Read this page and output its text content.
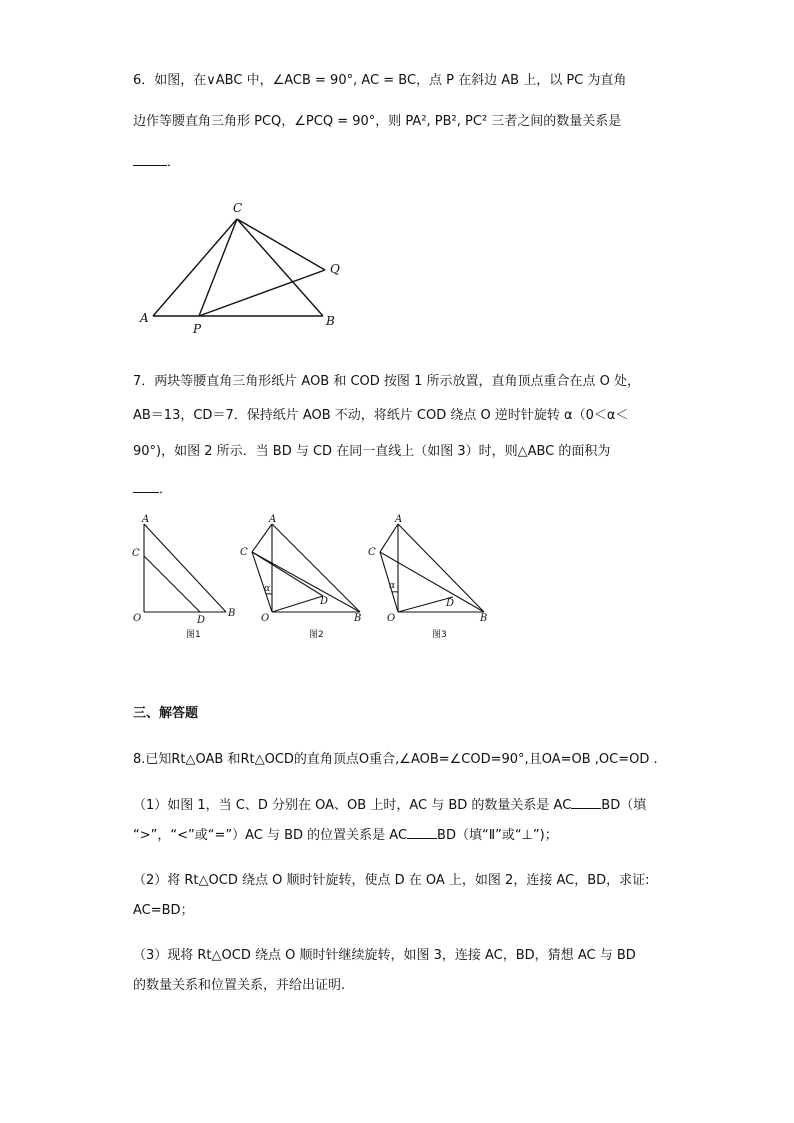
6．如图，在∨ABC 中，∠ACB = 90°, AC = BC，点 P 在斜边 AB 上，以 PC 为直角
边作等腰直角三角形 PCQ，∠PCQ = 90°，则 PA², PB², PC² 三者之间的数量关系是
．
C
Q
A
P
B
7．两块等腰直角三角形纸片 AOB 和 COD 按图 1 所示放置，直角顶点重合在点 O 处，
AB＝13，CD＝7．保持纸片 AOB 不动，将纸片 COD 绕点 O 逆时针旋转 α（0＜α＜
90°)，如图 2 所示．当 BD 与 CD 在同一直线上（如图 3）时，则△ABC 的面积为
．
A
C
O	D
B
图1
A
C
α
D
O	B
图2
A
C
α
D
O	B
图3
三、解答题
8.已知Rt△OAB 和Rt△OCD的直角顶点O重合,∠AOB=∠COD=90°,且OA=OB ,OC=OD .
（1）如图 1，当 C、D 分别在 OA、OB 上时，AC 与 BD 的数量关系是 AC BD（填
“>”，“<”或“=”）AC 与 BD 的位置关系是 AC BD（填“Ⅱ”或“⊥”)；
（2）将 Rt△OCD 绕点 O 顺时针旋转，使点 D 在 OA 上，如图 2，连接 AC，BD，求证:
AC=BD；
（3）现将 Rt△OCD 绕点 O 顺时针继续旋转，如图 3，连接 AC，BD，猜想 AC 与 BD
的数量关系和位置关系，并给出证明.
